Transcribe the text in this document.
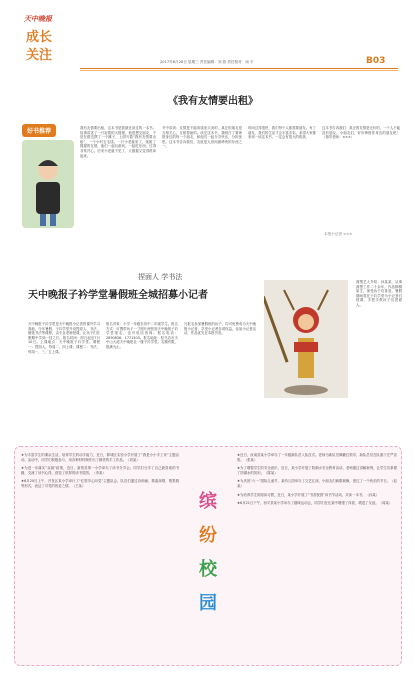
天中晚报
成长
关注	2017年6月28日 星期三 责任编辑：刘 燕 责任校对：雨 平	B03
《我有友情要出租》
好书推荐	我有友情要出租，这本书是我最近读过的一本书。故事讲述了一只寂寞的大猩猩，他很想交朋友，于是在路边摆了一个摊子，上面写着“我有友情要出租”，一个小时五毛钱。一只小老鼠来了，她租了猩猩的友情，他们一起玩游戏、一起吃东西，过得非常开心。后来小老鼠不见了，大猩猩又变得孤单起来。
书中讲到：友情是不能用钱来买卖的，真正的朋友是互相关心、互相帮助的。读完这本书，我明白了要珍惜身边的每一个朋友，和他们一起分享快乐，分担忧愁。这本书告诉我们，友谊是人世间最珍贵的东西之一。
时间过得很快，我们每个人都需要朋友。有了朋友，我们的生活才会丰富多彩。希望大家都来读一读这本书，一定会有很大的收获。
这本书告诉我们：真正的友情是无价的，一个人不能没有朋友。小朋友们，好好珍惜你身边的朋友吧！（指导老师：×××）
本报小记者 ×××
捏面人 学书法
天中晚报子衿学堂暑假班全城招募小记者
天中晚报子衿学堂是天中晚报小记者的课外学习基地。今年暑假，子衿学堂开设捏面人、书法、硬笔书法等课程，由专业老师授课，让孩子们在假期中学到一技之长。报名时间：即日起至7月10日。上课地点：天中晚报子衿学堂。课程一：捏面人，每周二、四上课；课程二：书法，每周一、三、五上课。
报名对象：小学一年级至初中二年级学生。报名方式：可携带孩子一寸照片两张到天中晚报子衿学堂报名，也可电话咨询。报名电话：2890836、1771303。报名地址：驻马店市天中山大道天中晚报社一楼子衿学堂。名额有限，报满为止。
凡报名参加暑假班的孩子，均可免费成为天中晚报小记者，享受小记者各项权益，参加小记者活动，作品优先在本报刊发。
面塑艺人介绍：孙某某，从事面塑工作二十余年，作品栩栩如生，深受孩子们喜爱。暑假期间将在子衿学堂为小记者们授课，手把手教孩子们捏面人。
★为丰富学生的课余生活，培养学生的动手能力，近日，驿城区实验小学开展了“我是小小手工家”主题活动。活动中，同学们积极参与，用各种材料制作出了精美的手工作品。（刘某）
★为进一步落实“双减”政策，近日，新蔡县第一小学举办了读书分享会。同学们分享了自己最喜欢的书籍，交流了读书心得，营造了浓厚的读书氛围。（李某）
★6月20日上午，开发区某小学举行了“红领巾心向党”主题队会。队员们通过诗朗诵、歌曲演唱、情景剧等形式，表达了对党的热爱之情。（王某）
缤
纷
校
园
★近日，汝南县某小学举办了一年级新队员入队仪式。老师为新队员佩戴红领巾，新队员们在队旗下庄严宣誓。（张某）
★为了增强学生的安全意识，近日，某小学开展了防溺水安全教育活动。老师通过讲解案例，让学生们掌握了防溺水的知识。（陈某）
★为庆祝“六一”国际儿童节，某幼儿园举办了文艺汇演，小朋友们载歌载舞，度过了一个快乐的节日。（赵某）
★为培养学生的阅读习惯，近日，某小学开展了“书香校园”读书节活动，共读一本书。（孙某）
★6月21日下午，西平县某小学举办了趣味运动会，同学们在比赛中增强了体质，增进了友谊。（周某）
